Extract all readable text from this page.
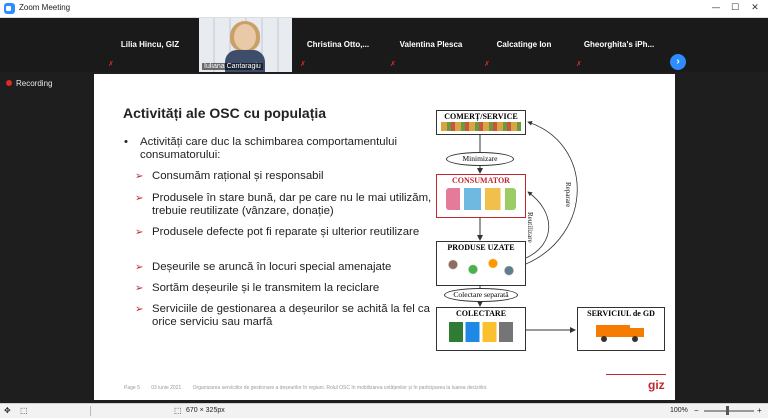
Zoom Meeting	—	☐	✕
Lilia Hincu, GIZ
✗	Iuliana Cantaragiu
Christina Otto,...
✗
Valentina Plesca
✗
Calcatinge Ion
✗
Gheorghita's iPh...
✗	›
Recording
Activități ale OSC cu populația
• Activități care duc la schimbarea comportamentului consumatorului:
➢ Consumăm rațional și responsabil
➢ Produsele în stare bună, dar pe care nu le mai utilizăm, trebuie reutilizate (vânzare, donație)
➢ Produsele defecte pot fi reparate și ulterior reutilizare
➢ Deșeurile se aruncă în locuri special amenajate
➢ Sortăm deșeurile și le transmitem la reciclare
➢ Serviciile de gestionarea a deșeurilor se achită la fel ca orice serviciu sau marfă
COMERȚ/SERVICE
Minimizare
CONSUMATOR
PRODUSE UZATE
Colectare separată
COLECTARE	SERVICIUL de GD
Reutilizare
Reparare
Page 5 03 iunie 2021 Organizarea serviciilor de gestionare a deșeurilor în regiuni. Rolul OSC în mobilizarea cetățenilor și în participarea la luarea deciziilor.	giz
✥ ⬚	⬚ 670 × 325px	100% −	+
